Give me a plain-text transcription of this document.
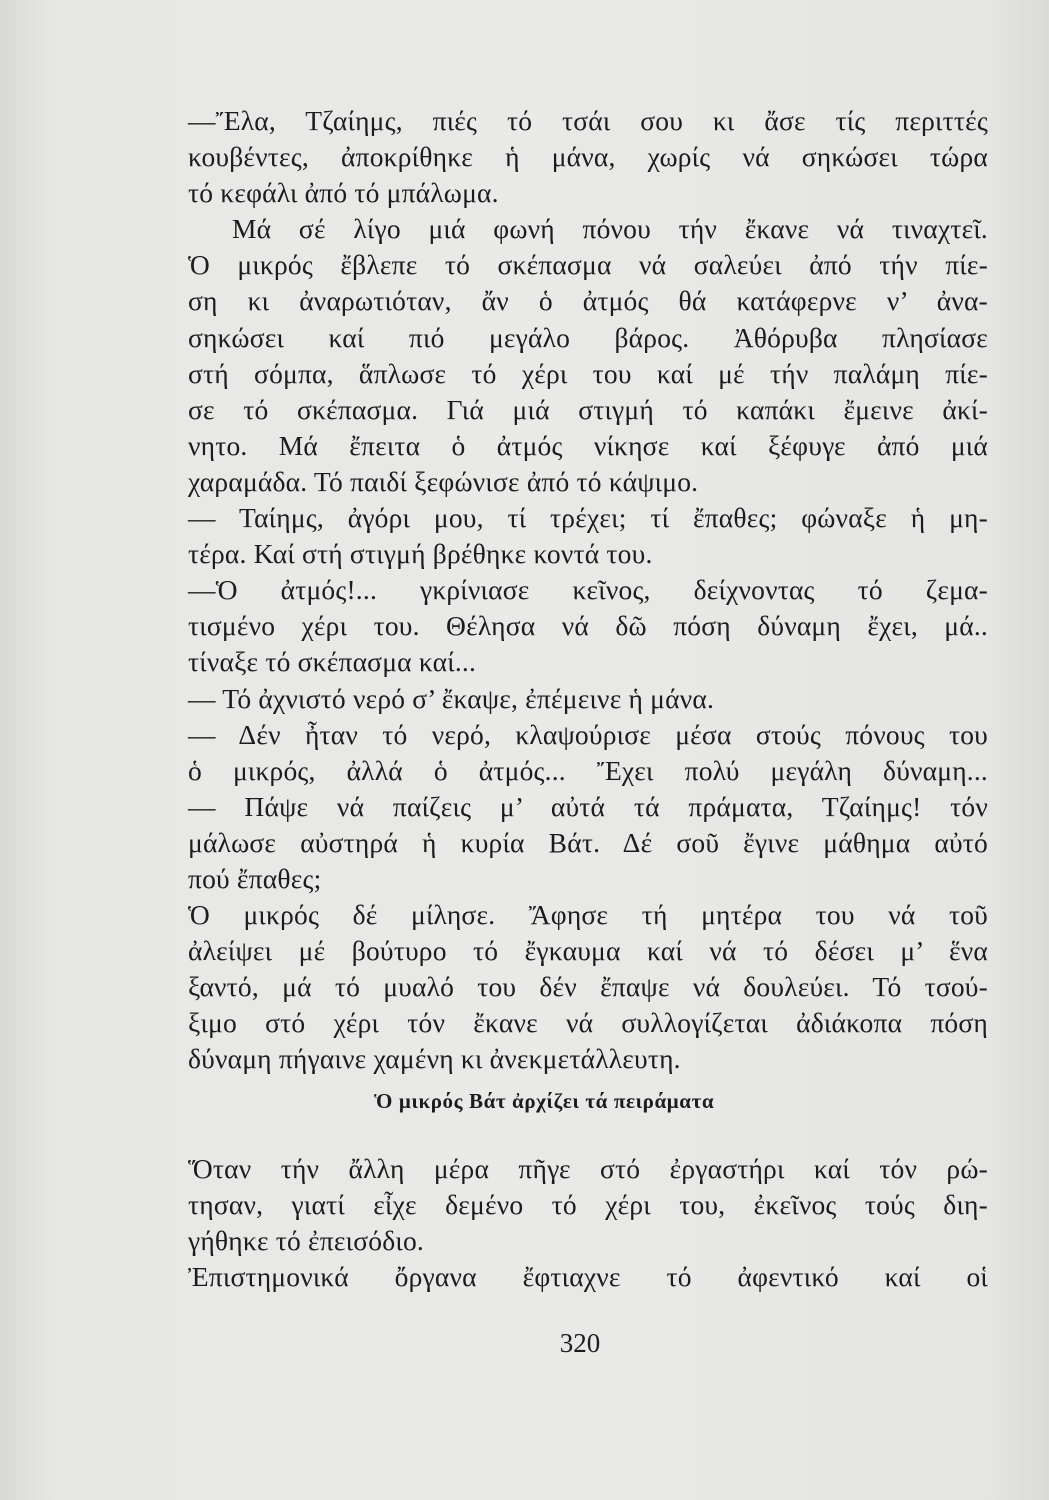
—Ἔλα, Τζαίημς, πιές τό τσάι σου κι ἄσε τίς περιττές
κουβέντες, ἀποκρίθηκε ἡ μάνα, χωρίς νά σηκώσει τώρα
τό κεφάλι ἀπό τό μπάλωμα.
Μά σέ λίγο μιά φωνή πόνου τήν ἔκανε νά τιναχτεῖ.
Ὁ μικρός ἔβλεπε τό σκέπασμα νά σαλεύει ἀπό τήν πίε-
ση κι ἀναρωτιόταν, ἄν ὁ ἀτμός θά κατάφερνε ν’ ἀνα-
σηκώσει καί πιό μεγάλο βάρος. Ἀθόρυβα πλησίασε
στή σόμπα, ἅπλωσε τό χέρι του καί μέ τήν παλάμη πίε-
σε τό σκέπασμα. Γιά μιά στιγμή τό καπάκι ἔμεινε ἀκί-
νητο. Μά ἔπειτα ὁ ἀτμός νίκησε καί ξέφυγε ἀπό μιά
χαραμάδα. Τό παιδί ξεφώνισε ἀπό τό κάψιμο.
— Ταίημς, ἀγόρι μου, τί τρέχει; τί ἔπαθες; φώναξε ἡ μη-
τέρα. Καί στή στιγμή βρέθηκε κοντά του.
—Ὁ ἀτμός!... γκρίνιασε κεῖνος, δείχνοντας τό ζεμα-
τισμένο χέρι του. Θέλησα νά δῶ πόση δύναμη ἔχει, μά..
τίναξε τό σκέπασμα καί...
— Τό ἀχνιστό νερό σ’ ἔκαψε, ἐπέμεινε ἡ μάνα.
— Δέν ἦταν τό νερό, κλαψούρισε μέσα στούς πόνους του
ὁ μικρός, ἀλλά ὁ ἀτμός... Ἔχει πολύ μεγάλη δύναμη...
— Πάψε νά παίζεις μ’ αὐτά τά πράματα, Τζαίημς! τόν
μάλωσε αὐστηρά ἡ κυρία Βάτ. Δέ σοῦ ἔγινε μάθημα αὐτό
πού ἔπαθες;
Ὁ μικρός δέ μίλησε. Ἄφησε τή μητέρα του νά τοῦ
ἀλείψει μέ βούτυρο τό ἔγκαυμα καί νά τό δέσει μ’ ἕνα
ξαντό, μά τό μυαλό του δέν ἔπαψε νά δουλεύει. Τό τσού-
ξιμο στό χέρι τόν ἔκανε νά συλλογίζεται ἀδιάκοπα πόση
δύναμη πήγαινε χαμένη κι ἀνεκμετάλλευτη.
Ὁ μικρός Βάτ ἀρχίζει τά πειράματα
Ὅταν τήν ἄλλη μέρα πῆγε στό ἐργαστήρι καί τόν ρώ-
τησαν, γιατί εἶχε δεμένο τό χέρι του, ἐκεῖνος τούς διη-
γήθηκε τό ἐπεισόδιο.
Ἐπιστημονικά ὄργανα ἔφτιαχνε τό ἀφεντικό καί οἱ
320
